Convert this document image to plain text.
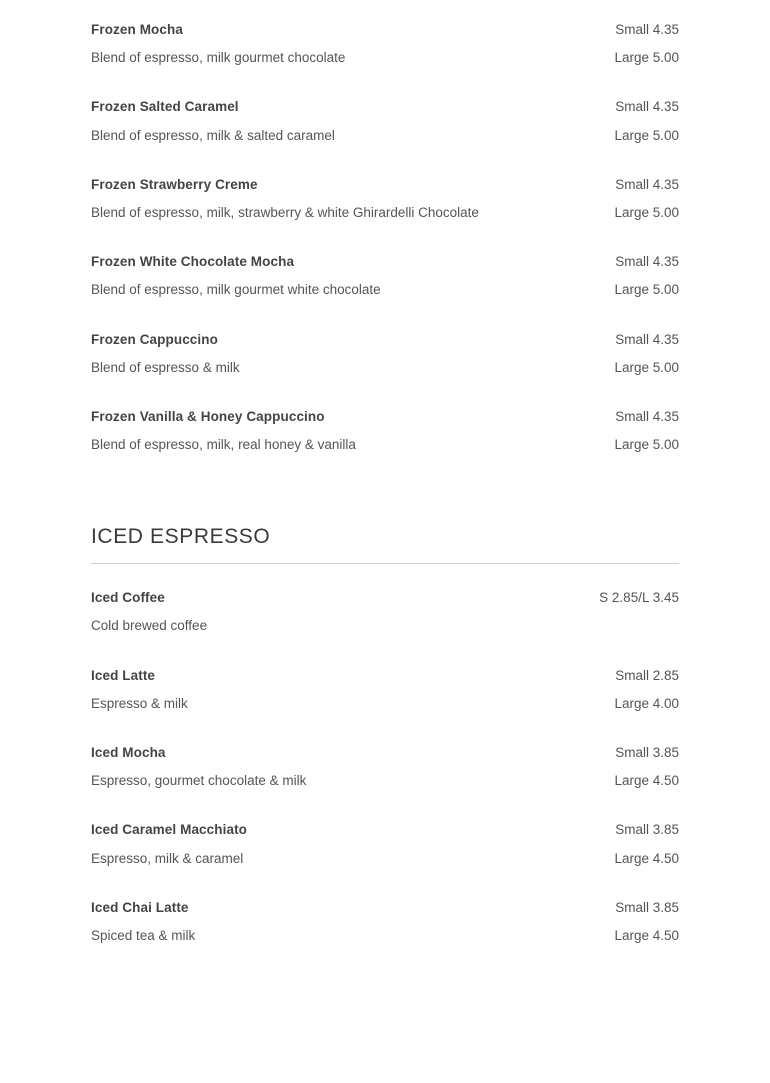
Frozen Mocha	Small 4.35
Blend of espresso, milk gourmet chocolate	Large 5.00
Frozen Salted Caramel	Small 4.35
Blend of espresso, milk & salted caramel	Large 5.00
Frozen Strawberry Creme	Small 4.35
Blend of espresso, milk, strawberry & white Ghirardelli Chocolate	Large 5.00
Frozen White Chocolate Mocha	Small 4.35
Blend of espresso, milk gourmet white chocolate	Large 5.00
Frozen Cappuccino	Small 4.35
Blend of espresso & milk	Large 5.00
Frozen Vanilla & Honey Cappuccino	Small 4.35
Blend of espresso, milk, real honey & vanilla	Large 5.00
ICED ESPRESSO
Iced Coffee	S 2.85/L 3.45
Cold brewed coffee
Iced Latte	Small 2.85
Espresso & milk	Large 4.00
Iced Mocha	Small 3.85
Espresso, gourmet chocolate & milk	Large 4.50
Iced Caramel Macchiato	Small 3.85
Espresso, milk & caramel	Large 4.50
Iced Chai Latte	Small 3.85
Spiced tea & milk	Large 4.50
